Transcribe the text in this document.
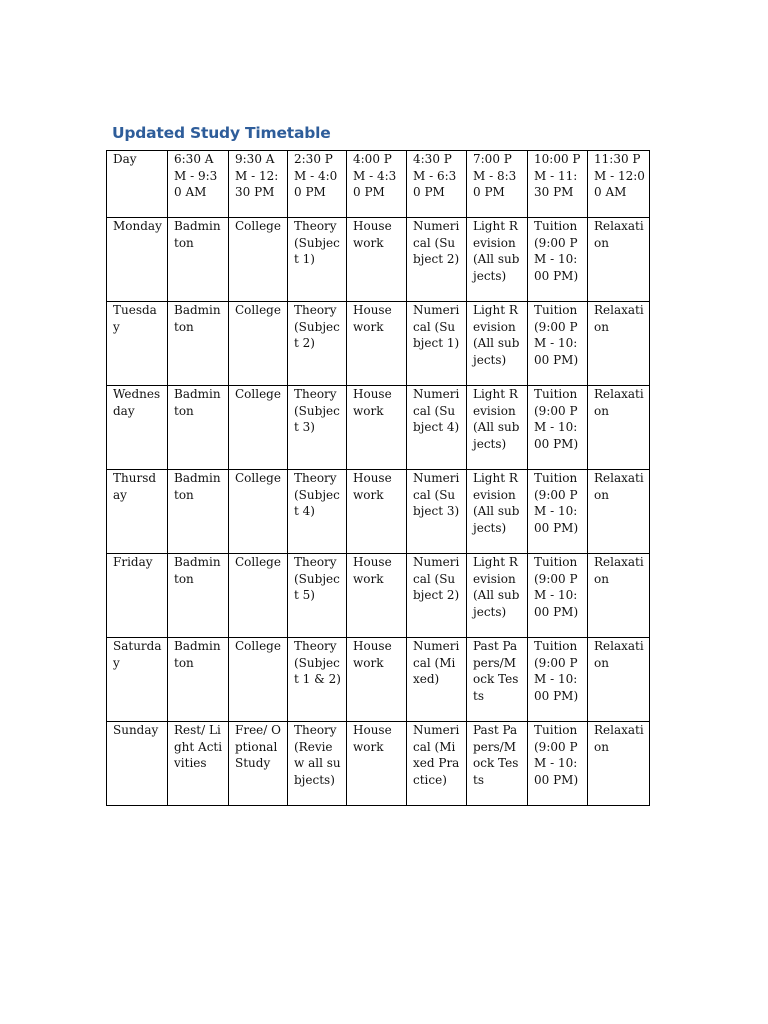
Updated Study Timetable
Day	6:30 AM - 9:30 AM	9:30 AM - 12:30 PM	2:30 PM - 4:00 PM	4:00 PM - 4:30 PM	4:30 PM - 6:30 PM	7:00 PM - 8:30 PM	10:00 PM - 11:30 PM	11:30 PM - 12:00 AM
Monday	Badminton	College	Theory (Subject 1)	House work	Numerical (Subject 2)	Light Revision (All subjects)	Tuition (9:00 PM - 10:00 PM)	Relaxation
Tuesday	Badminton	College	Theory (Subject 2)	House work	Numerical (Subject 1)	Light Revision (All subjects)	Tuition (9:00 PM - 10:00 PM)	Relaxation
Wednesday	Badminton	College	Theory (Subject 3)	House work	Numerical (Subject 4)	Light Revision (All subjects)	Tuition (9:00 PM - 10:00 PM)	Relaxation
Thursday	Badminton	College	Theory (Subject 4)	House work	Numerical (Subject 3)	Light Revision (All subjects)	Tuition (9:00 PM - 10:00 PM)	Relaxation
Friday	Badminton	College	Theory (Subject 5)	House work	Numerical (Subject 2)	Light Revision (All subjects)	Tuition (9:00 PM - 10:00 PM)	Relaxation
Saturday	Badminton	College	Theory (Subject 1 & 2)	House work	Numerical (Mixed)	Past Papers/Mock Tests	Tuition (9:00 PM - 10:00 PM)	Relaxation
Sunday	Rest/ Light Activities	Free/ Optional Study	Theory (Review all subjects)	House work	Numerical (Mixed Practice)	Past Papers/Mock Tests	Tuition (9:00 PM - 10:00 PM)	Relaxation
